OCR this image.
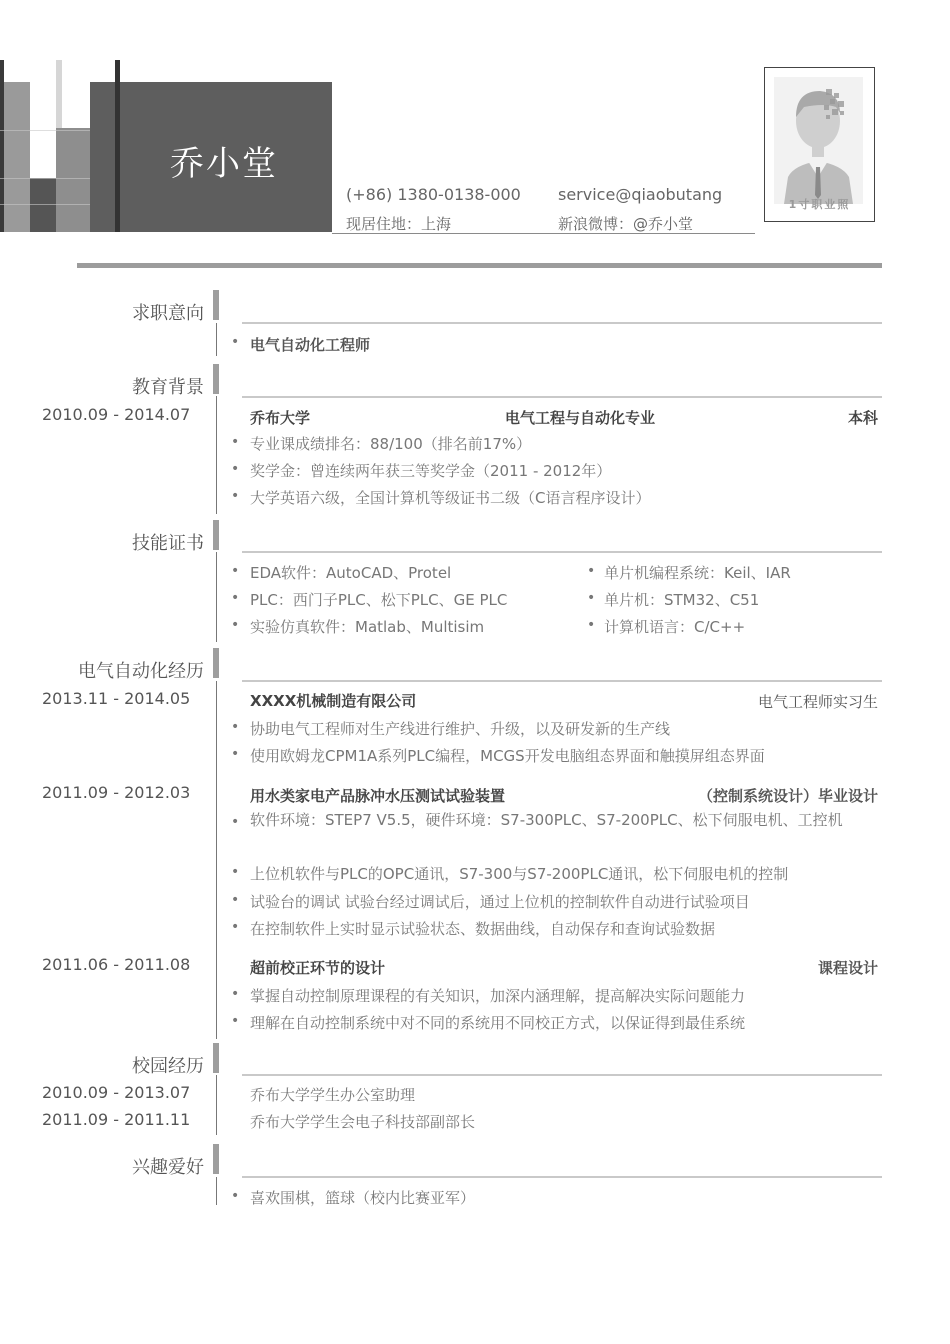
乔小堂
(+86) 1380-0138-000 service@qiaobutang
现居住地：上海	新浪微博：@乔小堂
1寸职业照
求职意向
• 电气自动化工程师
教育背景
2010.09 - 2014.07	乔布大学	电气工程与自动化专业	本科
• 专业课成绩排名：88/100（排名前17%）
• 奖学金：曾连续两年获三等奖学金（2011 - 2012年）
• 大学英语六级，全国计算机等级证书二级（C语言程序设计）
技能证书
• EDA软件：AutoCAD、Protel
• PLC：西门子PLC、松下PLC、GE PLC
• 实验仿真软件：Matlab、Multisim
• 单片机编程系统：Keil、IAR
• 单片机：STM32、C51
• 计算机语言：C/C++
电气自动化经历
2013.11 - 2014.05	XXXX机械制造有限公司	电气工程师实习生
• 协助电气工程师对生产线进行维护、升级，以及研发新的生产线
• 使用欧姆龙CPM1A系列PLC编程，MCGS开发电脑组态界面和触摸屏组态界面
2011.09 - 2012.03	用水类家电产品脉冲水压测试试验装置	（控制系统设计）毕业设计
• 软件环境：STEP7 V5.5，硬件环境：S7-300PLC、S7-200PLC、松下伺服电机、工控机
• 上位机软件与PLC的OPC通讯，S7-300与S7-200PLC通讯，松下伺服电机的控制
• 试验台的调试 试验台经过调试后，通过上位机的控制软件自动进行试验项目
• 在控制软件上实时显示试验状态、数据曲线，自动保存和查询试验数据
2011.06 - 2011.08	超前校正环节的设计	课程设计
• 掌握自动控制原理课程的有关知识，加深内涵理解，提高解决实际问题能力
• 理解在自动控制系统中对不同的系统用不同校正方式，以保证得到最佳系统
校园经历
2010.09 - 2013.07	乔布大学学生办公室助理
2011.09 - 2011.11	乔布大学学生会电子科技部副部长
兴趣爱好
• 喜欢围棋，篮球（校内比赛亚军）
